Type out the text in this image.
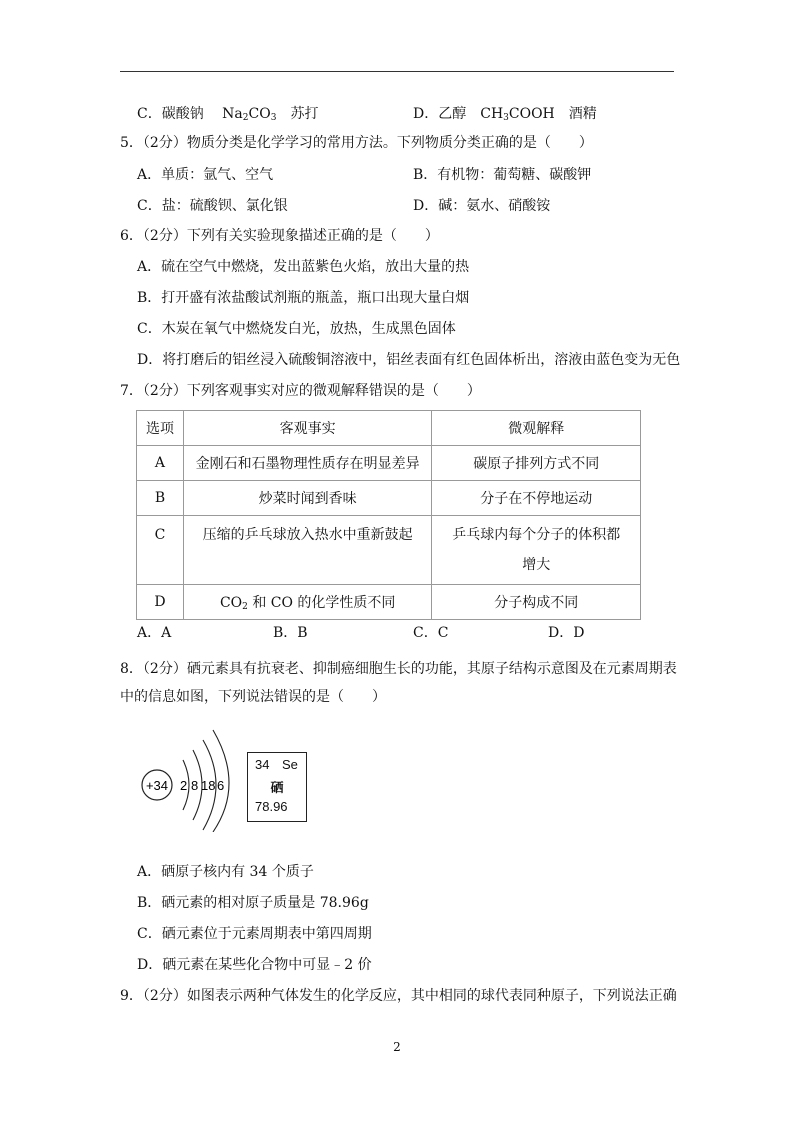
C．碳酸钠　 $Na_2CO_3$　 苏打	D．乙醇　 $CH_3COOH$　 酒精
5．（2分）物质分类是化学学习的常用方法。下列物质分类正确的是（　　）
A．单质：氩气、空气	B．有机物：葡萄糖、碳酸钾
C．盐：硫酸钡、氯化银	D．碱：氨水、硝酸铵
6．（2分）下列有关实验现象描述正确的是（　　）
A．硫在空气中燃烧，发出蓝紫色火焰，放出大量的热
B．打开盛有浓盐酸试剂瓶的瓶盖，瓶口出现大量白烟
C．木炭在氧气中燃烧发白光，放热，生成黑色固体
D．将打磨后的铝丝浸入硫酸铜溶液中，铝丝表面有红色固体析出，溶液由蓝色变为无色
7．（2分）下列客观事实对应的微观解释错误的是（　　）
选项	客观事实	微观解释
A	金刚石和石墨物理性质存在明显差异	碳原子排列方式不同
B	炒菜时闻到香味	分子在不停地运动
C	压缩的乒乓球放入热水中重新鼓起	乒乓球内每个分子的体积都
增大
D	$CO_2$ 和 CO 的化学性质不同	分子构成不同
A．A	B．B	C．C	D．D
8．（2分）硒元素具有抗衰老、抑制癌细胞生长的功能，其原子结构示意图及在元素周期表
中的信息如图，下列说法错误的是（　　）
+34 2 8 18 6
34 Se
硒
78.96
A．硒原子核内有 34 个质子
B．硒元素的相对原子质量是 78.96g
C．硒元素位于元素周期表中第四周期
D．硒元素在某些化合物中可显﹣2 价
9．（2分）如图表示两种气体发生的化学反应，其中相同的球代表同种原子，下列说法正确
2
